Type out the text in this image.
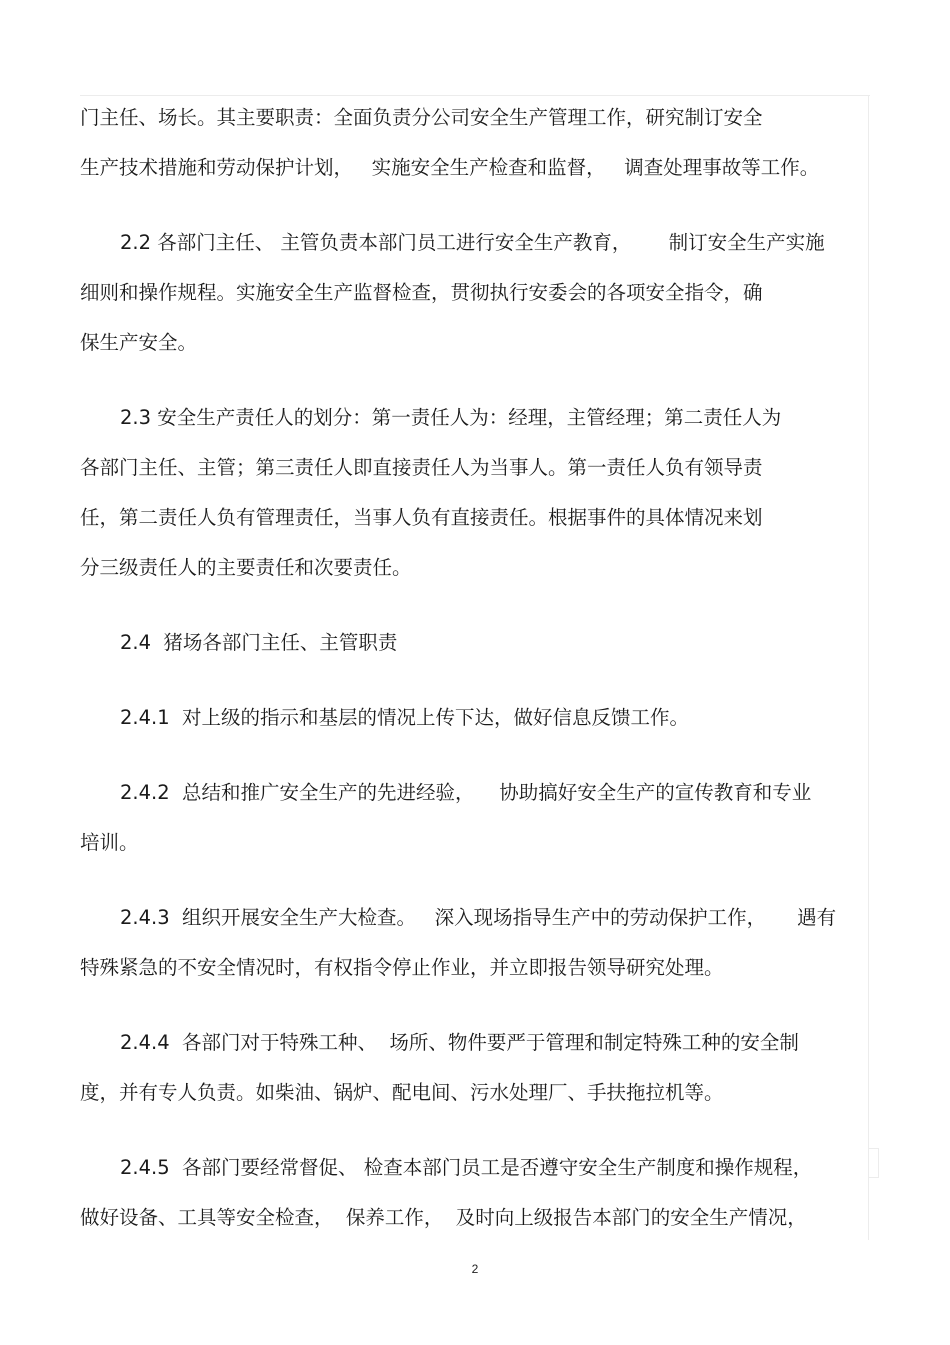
门主任、场长。其主要职责：全面负责分公司安全生产管理工作，研究制订安全
生产技术措施和劳动保护计划，   实施安全生产检查和监督，   调查处理事故等工作。
2.2 各部门主任、 主管负责本部门员工进行安全生产教育，      制订安全生产实施
细则和操作规程。实施安全生产监督检查，贯彻执行安委会的各项安全指令，确
保生产安全。
2.3 安全生产责任人的划分：第一责任人为：经理，主管经理；第二责任人为
各部门主任、主管；第三责任人即直接责任人为当事人。第一责任人负有领导责
任，第二责任人负有管理责任，当事人负有直接责任。根据事件的具体情况来划
分三级责任人的主要责任和次要责任。
2.4  猪场各部门主任、主管职责
2.4.1  对上级的指示和基层的情况上传下达，做好信息反馈工作。
2.4.2  总结和推广安全生产的先进经验，    协助搞好安全生产的宣传教育和专业
培训。
2.4.3  组织开展安全生产大检查。   深入现场指导生产中的劳动保护工作，     遇有
特殊紧急的不安全情况时，有权指令停止作业，并立即报告领导研究处理。
2.4.4  各部门对于特殊工种、  场所、物件要严于管理和制定特殊工种的安全制
度，并有专人负责。如柴油、锅炉、配电间、污水处理厂、手扶拖拉机等。
2.4.5  各部门要经常督促、 检查本部门员工是否遵守安全生产制度和操作规程，
做好设备、工具等安全检查，  保养工作，  及时向上级报告本部门的安全生产情况，
2
